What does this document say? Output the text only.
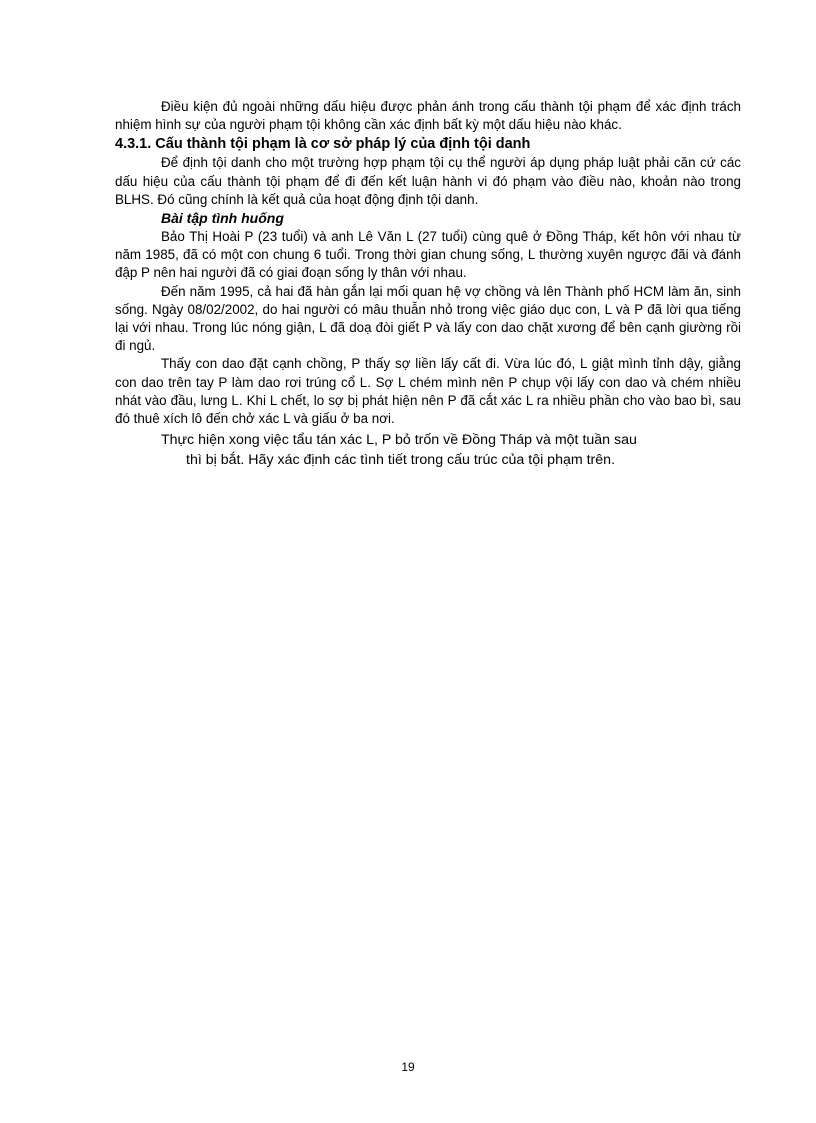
Điều kiện đủ ngoài những dấu hiệu được phản ánh trong cấu thành tội phạm để xác định trách nhiệm hình sự của người phạm tội không cần xác định bất kỳ một dấu hiệu nào khác.

4.3.1. Cấu thành tội phạm là cơ sở pháp lý của định tội danh

Để định tội danh cho một trường hợp phạm tội cụ thể người áp dụng pháp luật phải căn cứ các dấu hiệu của cấu thành tội phạm để đi đến kết luận hành vi đó phạm vào điều nào, khoản nào trong BLHS. Đó cũng chính là kết quả của hoạt động định tội danh.

Bài tập tình huống

Bảo Thị Hoài P (23 tuổi) và anh Lê Văn L (27 tuổi) cùng quê ở Đồng Tháp, kết hôn với nhau từ năm 1985, đã có một con chung 6 tuổi. Trong thời gian chung sống, L thường xuyên ngược đãi và đánh đập P nên hai người đã có giai đoạn sống ly thân với nhau.

Đến năm 1995, cả hai đã hàn gắn lại mối quan hệ vợ chồng và lên Thành phố HCM làm ăn, sinh sống. Ngày 08/02/2002, do hai người có mâu thuẫn nhỏ trong việc giáo dục con, L và P đã lời qua tiếng lại với nhau. Trong lúc nóng giận, L đã doạ đòi giết P và lấy con dao chặt xương để bên cạnh giường rồi đi ngủ.

Thấy con dao đặt cạnh chồng, P thấy sợ liền lấy cất đi. Vừa lúc đó, L giật mình tỉnh dậy, giằng con dao trên tay P làm dao rơi trúng cổ L. Sợ L chém mình nên P chụp vội lấy con dao và chém nhiều nhát vào đầu, lưng L. Khi L chết, lo sợ bị phát hiện nên P đã cắt xác L ra nhiều phần cho vào bao bì, sau đó thuê xích lô đến chở xác L và giấu ở ba nơi.

Thực hiện xong việc tẩu tán xác L, P bỏ trốn về Đồng Tháp và một tuần sau
thì bị bắt. Hãy xác định các tình tiết trong cấu trúc của tội phạm trên.

19
